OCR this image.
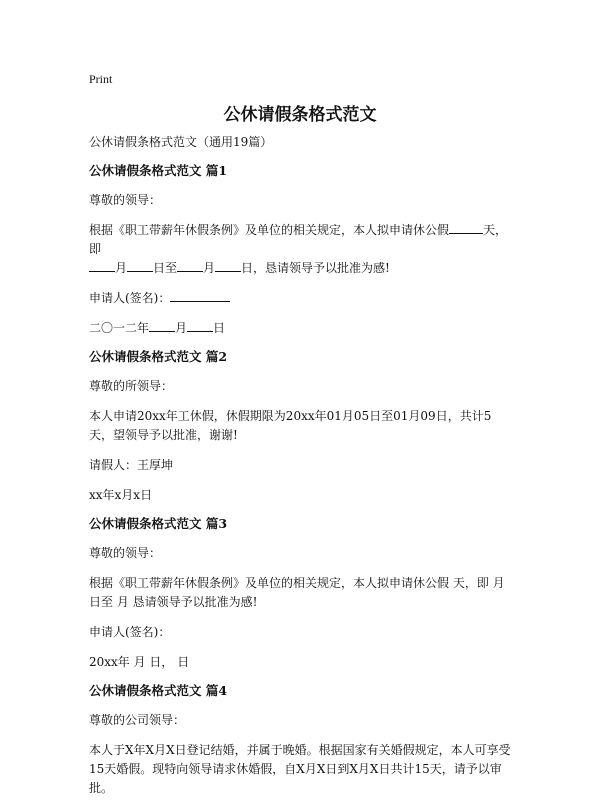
Print
公休请假条格式范文

公休请假条格式范文（通用19篇）

公休请假条格式范文 篇1

尊敬的领导：

根据《职工带薪年休假条例》及单位的相关规定，本人拟申请休公假	天，即
月 日至 月 日，恳请领导予以批准为感!

申请人(签名)：

二〇一二年 月 日

公休请假条格式范文 篇2

尊敬的所领导：

本人申请20xx年工休假，休假期限为20xx年01月05日至01月09日，共计5天，望领导予以批准，谢谢!

请假人：王厚坤

xx年x月x日

公休请假条格式范文 篇3

尊敬的领导：

根据《职工带薪年休假条例》及单位的相关规定，本人拟申请休公假 天，即 月 日至 月 恳请领导予以批准为感!

申请人(签名)：

20xx年 月 日， 日

公休请假条格式范文 篇4

尊敬的公司领导：

本人于X年X月X日登记结婚，并属于晚婚。根据国家有关婚假规定，本人可享受15天婚假。现特向领导请求休婚假，自X月X日到X月X日共计15天，请予以审批。
